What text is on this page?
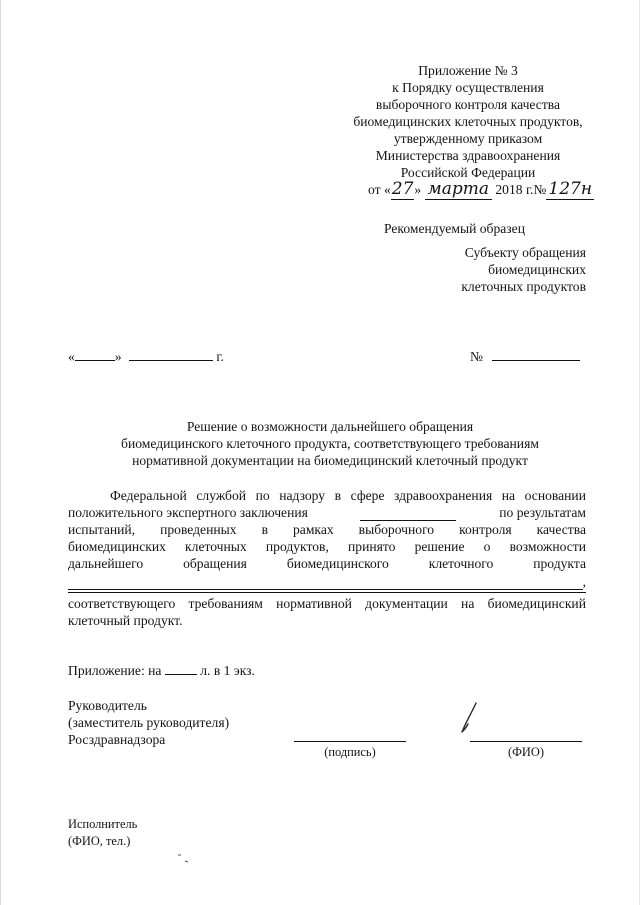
Приложение № 3
к Порядку осуществления
выборочного контроля качества
биомедицинских клеточных продуктов,
утвержденному приказом
Министерства здравоохранения
Российской Федерации
от «27» марта 2018 г.№ 127н
Рекомендуемый образец
Субъекту обращения
биомедицинских
клеточных продуктов
«	»	г.	№
Решение о возможности дальнейшего обращения
биомедицинского клеточного продукта, соответствующего требованиям
нормативной документации на биомедицинский клеточный продукт
Федеральной службой по надзору в сфере здравоохранения на основании
положительного экспертного заключения	по результатам
испытаний, проведенных в рамках выборочного контроля качества
биомедицинских клеточных продуктов, принято решение о возможности
дальнейшего обращения биомедицинского клеточного продукта
,
соответствующего требованиям нормативной документации на биомедицинский
клеточный продукт.
Приложение: на	л. в 1 экз.
Руководитель
(заместитель руководителя)
Росздравнадзора
(подпись)	(ФИО)
Исполнитель
(ФИО, тел.)
